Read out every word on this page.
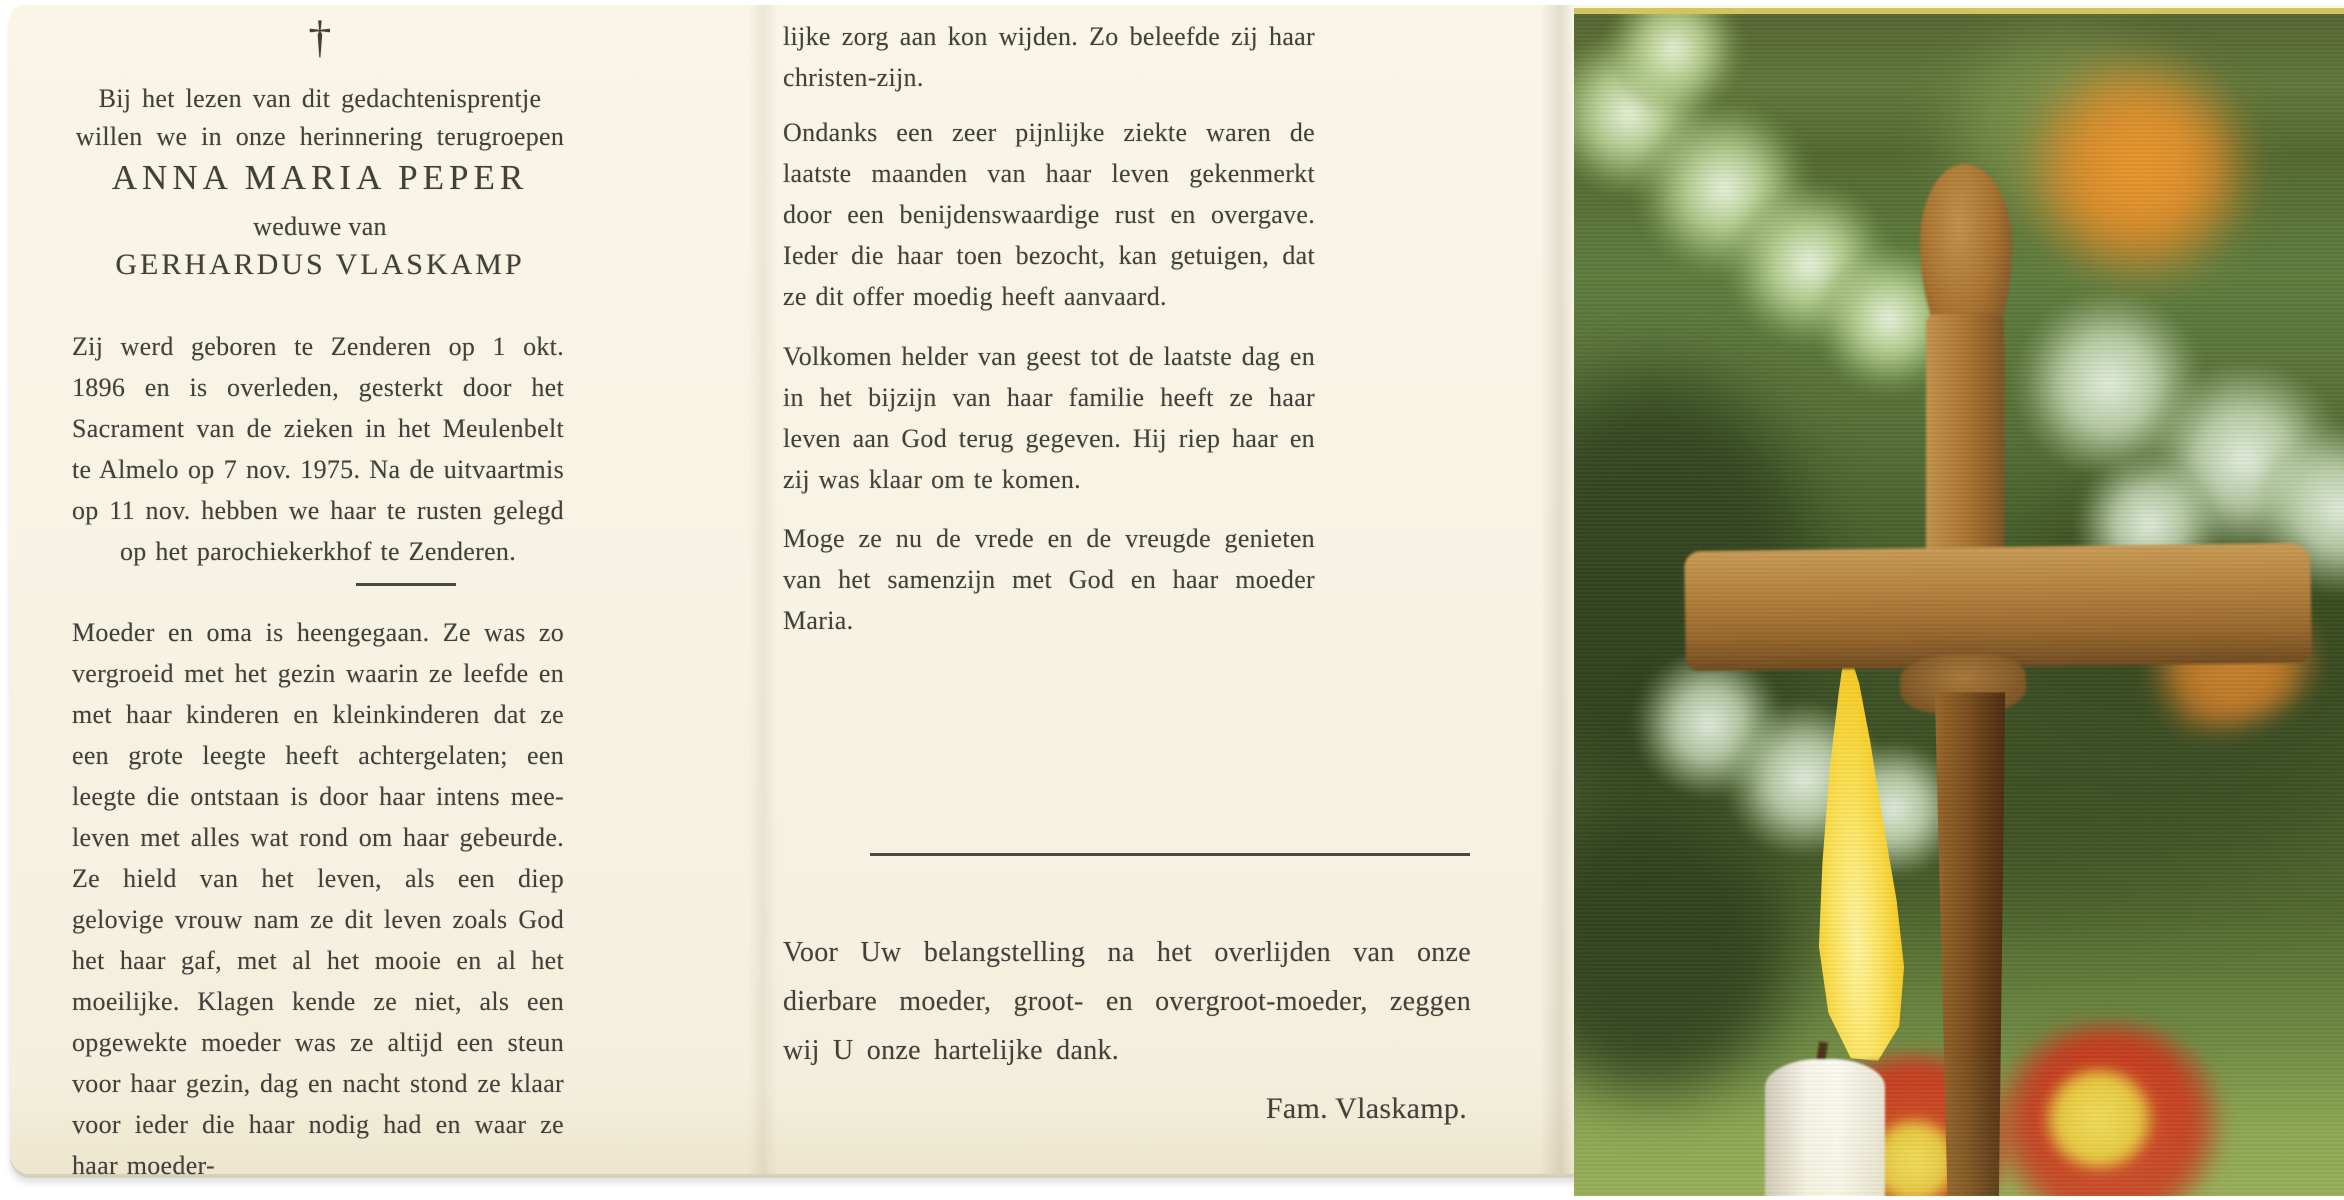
†
Bij het lezen van dit gedachtenisprentje
willen we in onze herinnering terugroepen
ANNA MARIA PEPER
weduwe van
GERHARDUS VLASKAMP
Zij werd geboren te Zenderen op 1 okt. 1896 en is overleden, gesterkt door het Sacrament van de zieken in het Meulenbelt te Almelo op 7 nov. 1975. Na de uitvaartmis op 11 nov. hebben we haar te rusten gelegd op het parochiekerkhof te Zenderen.
Moeder en oma is heengegaan. Ze was zo vergroeid met het gezin waarin ze leefde en met haar kinderen en kleinkinderen dat ze een grote leegte heeft achtergelaten; een leegte die ontstaan is door haar intens mee-leven met alles wat rond om haar gebeurde. Ze hield van het leven, als een diep gelovige vrouw nam ze dit leven zoals God het haar gaf, met al het mooie en al het moeilijke. Klagen kende ze niet, als een opgewekte moeder was ze altijd een steun voor haar gezin, dag en nacht stond ze klaar voor ieder die haar nodig had en waar ze haar moeder-
lijke zorg aan kon wijden. Zo beleefde zij haar christen-zijn.
Ondanks een zeer pijnlijke ziekte waren de laatste maanden van haar leven gekenmerkt door een benijdenswaardige rust en overgave. Ieder die haar toen bezocht, kan getuigen, dat ze dit offer moedig heeft aanvaard.
Volkomen helder van geest tot de laatste dag en in het bijzijn van haar familie heeft ze haar leven aan God terug gegeven. Hij riep haar en zij was klaar om te komen.
Moge ze nu de vrede en de vreugde genieten van het samenzijn met God en haar moeder Maria.
Voor Uw belangstelling na het overlijden van onze dierbare moeder, groot- en overgroot-moeder, zeggen wij U onze hartelijke dank.
Fam. Vlaskamp.
